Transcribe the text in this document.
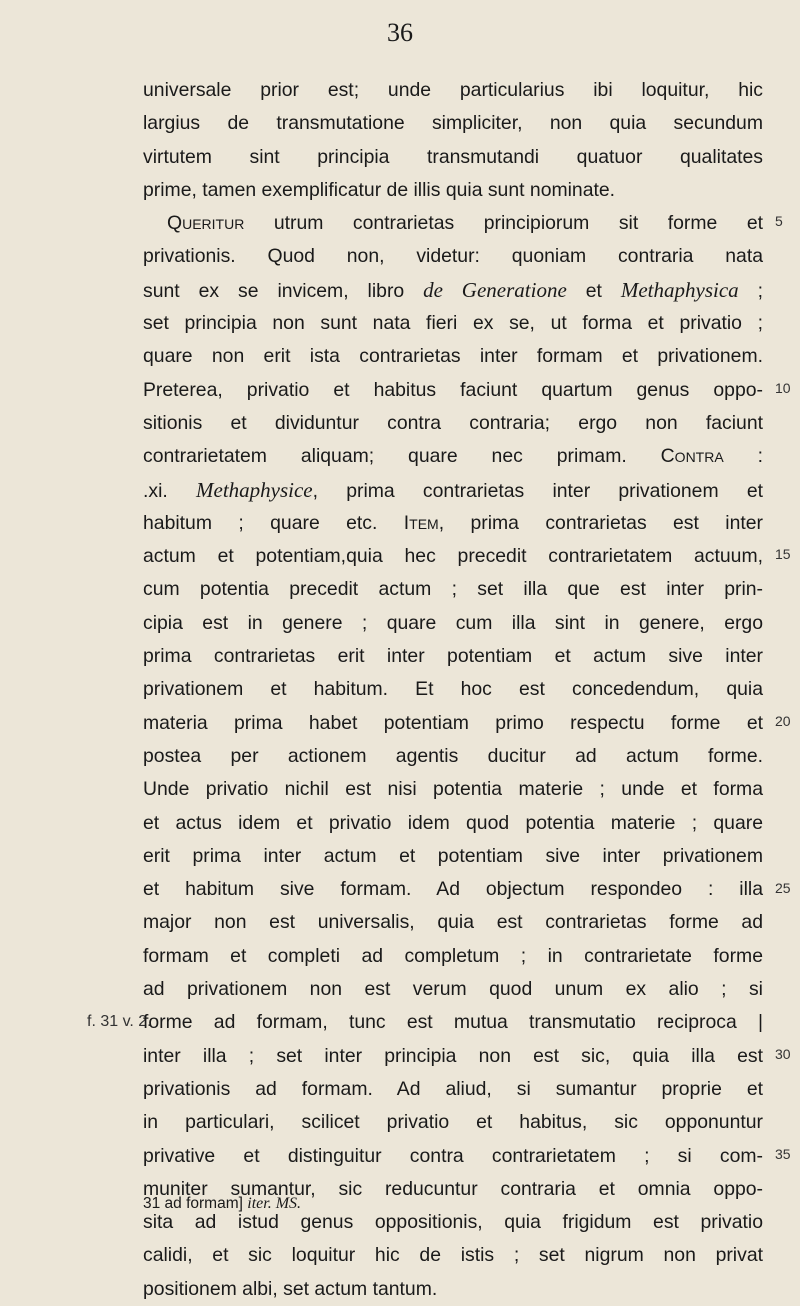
36
f. 31 v. 2.
5
10
15
20
25
30
35
universale prior est; unde particularius ibi loquitur, hic
largius de transmutatione simpliciter, non quia secundum
virtutem sint principia transmutandi quatuor qualitates
prime, tamen exemplificatur de illis quia sunt nominate.
Queritur utrum contrarietas principiorum sit forme et
privationis. Quod non, videtur: quoniam contraria nata
sunt ex se invicem, libro de Generatione et Methaphysica ;
set principia non sunt nata fieri ex se, ut forma et privatio ;
quare non erit ista contrarietas inter formam et privationem.
Preterea, privatio et habitus faciunt quartum genus oppo-
sitionis et dividuntur contra contraria; ergo non faciunt
contrarietatem aliquam; quare nec primam. Contra :
.xi. Methaphysice, prima contrarietas inter privationem et
habitum ; quare etc. Item, prima contrarietas est inter
actum et potentiam,quia hec precedit contrarietatem actuum,
cum potentia precedit actum ; set illa que est inter prin-
cipia est in genere ; quare cum illa sint in genere, ergo
prima contrarietas erit inter potentiam et actum sive inter
privationem et habitum. Et hoc est concedendum, quia
materia prima habet potentiam primo respectu forme et
postea per actionem agentis ducitur ad actum forme.
Unde privatio nichil est nisi potentia materie ; unde et forma
et actus idem et privatio idem quod potentia materie ; quare
erit prima inter actum et potentiam sive inter privationem
et habitum sive formam. Ad objectum respondeo : illa
major non est universalis, quia est contrarietas forme ad
formam et completi ad completum ; in contrarietate forme
ad privationem non est verum quod unum ex alio ; si
forme ad formam, tunc est mutua transmutatio reciproca |
inter illa ; set inter principia non est sic, quia illa est
privationis ad formam. Ad aliud, si sumantur proprie et
in particulari, scilicet privatio et habitus, sic opponuntur
privative et distinguitur contra contrarietatem ; si com-
muniter sumantur, sic reducuntur contraria et omnia oppo-
sita ad istud genus oppositionis, quia frigidum est privatio
calidi, et sic loquitur hic de istis ; set nigrum non privat
positionem albi, set actum tantum.
31 ad formam] iter. MS.
